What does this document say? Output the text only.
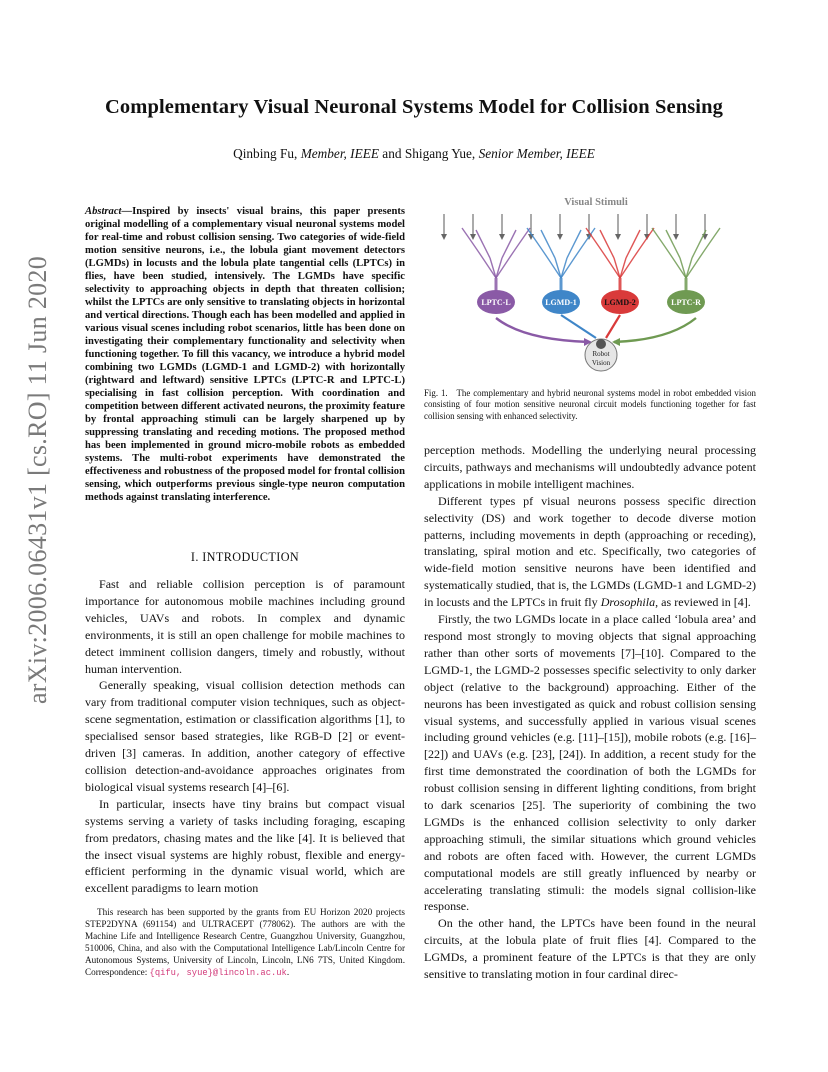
Complementary Visual Neuronal Systems Model for Collision Sensing
Qinbing Fu, Member, IEEE and Shigang Yue, Senior Member, IEEE
arXiv:2006.06431v1 [cs.RO] 11 Jun 2020
Abstract—Inspired by insects' visual brains, this paper presents original modelling of a complementary visual neuronal systems model for real-time and robust collision sensing. Two categories of wide-field motion sensitive neurons, i.e., the lobula giant movement detectors (LGMDs) in locusts and the lobula plate tangential cells (LPTCs) in flies, have been studied, intensively. The LGMDs have specific selectivity to approaching objects in depth that threaten collision; whilst the LPTCs are only sensitive to translating objects in horizontal and vertical directions. Though each has been modelled and applied in various visual scenes including robot scenarios, little has been done on investigating their complementary functionality and selectivity when functioning together. To fill this vacancy, we introduce a hybrid model combining two LGMDs (LGMD-1 and LGMD-2) with horizontally (rightward and leftward) sensitive LPTCs (LPTC-R and LPTC-L) specialising in fast collision perception. With coordination and competition between different activated neurons, the proximity feature by frontal approaching stimuli can be largely sharpened up by suppressing translating and receding motions. The proposed method has been implemented in ground micro-mobile robots as embedded systems. The multi-robot experiments have demonstrated the effectiveness and robustness of the proposed model for frontal collision sensing, which outperforms previous single-type neuron computation methods against translating interference.
I. INTRODUCTION

Fast and reliable collision perception is of paramount importance for autonomous mobile machines including ground vehicles, UAVs and robots. In complex and dynamic environments, it is still an open challenge for mobile machines to detect imminent collision dangers, timely and robustly, without human intervention.

Generally speaking, visual collision detection methods can vary from traditional computer vision techniques, such as object-scene segmentation, estimation or classification algorithms [1], to specialised sensor based strategies, like RGB-D [2] or event-driven [3] cameras. In addition, another category of effective collision detection-and-avoidance approaches originates from biological visual systems research [4]–[6].

In particular, insects have tiny brains but compact visual systems serving a variety of tasks including foraging, escaping from predators, chasing mates and the like [4]. It is believed that the insect visual systems are highly robust, flexible and energy-efficient performing in the dynamic visual world, which are excellent paradigms to learn motion

This research has been supported by the grants from EU Horizon 2020 projects STEP2DYNA (691154) and ULTRACEPT (778062). The authors are with the Machine Life and Intelligence Research Centre, Guangzhou University, Guangzhou, 510006, China, and also with the Computational Intelligence Lab/Lincoln Centre for Autonomous Systems, University of Lincoln, Lincoln, LN6 7TS, United Kingdom. Correspondence: {qifu, syue}@lincoln.ac.uk.

Visual Stimuli
Robot
Vision
LPTC-L	LGMD-1	LGMD-2	LPTC-R
Fig. 1. The complementary and hybrid neuronal systems model in robot embedded vision consisting of four motion sensitive neuronal circuit models functioning together for fast collision sensing with enhanced selectivity.

perception methods. Modelling the underlying neural processing circuits, pathways and mechanisms will undoubtedly advance potent applications in mobile intelligent machines.

Different types pf visual neurons possess specific direction selectivity (DS) and work together to decode diverse motion patterns, including movements in depth (approaching or receding), translating, spiral motion and etc. Specifically, two categories of wide-field motion sensitive neurons have been identified and systematically studied, that is, the LGMDs (LGMD-1 and LGMD-2) in locusts and the LPTCs in fruit fly Drosophila, as reviewed in [4].

Firstly, the two LGMDs locate in a place called ‘lobula area’ and respond most strongly to moving objects that signal approaching rather than other sorts of movements [7]–[10]. Compared to the LGMD-1, the LGMD-2 possesses specific selectivity to only darker object (relative to the background) approaching. Either of the neurons has been investigated as quick and robust collision sensing visual systems, and successfully applied in various visual scenes including ground vehicles (e.g. [11]–[15]), mobile robots (e.g. [16]–[22]) and UAVs (e.g. [23], [24]). In addition, a recent study for the first time demonstrated the coordination of both the LGMDs for robust collision sensing in different lighting conditions, from bright to dark scenarios [25]. The superiority of combining the two LGMDs is the enhanced collision selectivity to only darker approaching stimuli, the similar situations which ground vehicles and robots are often faced with. However, the current LGMDs computational models are still greatly influenced by nearby or accelerating translating stimuli: the models signal collision-like response.

On the other hand, the LPTCs have been found in the neural circuits, at the lobula plate of fruit flies [4]. Compared to the LGMDs, a prominent feature of the LPTCs is that they are only sensitive to translating motion in four cardinal direc-
